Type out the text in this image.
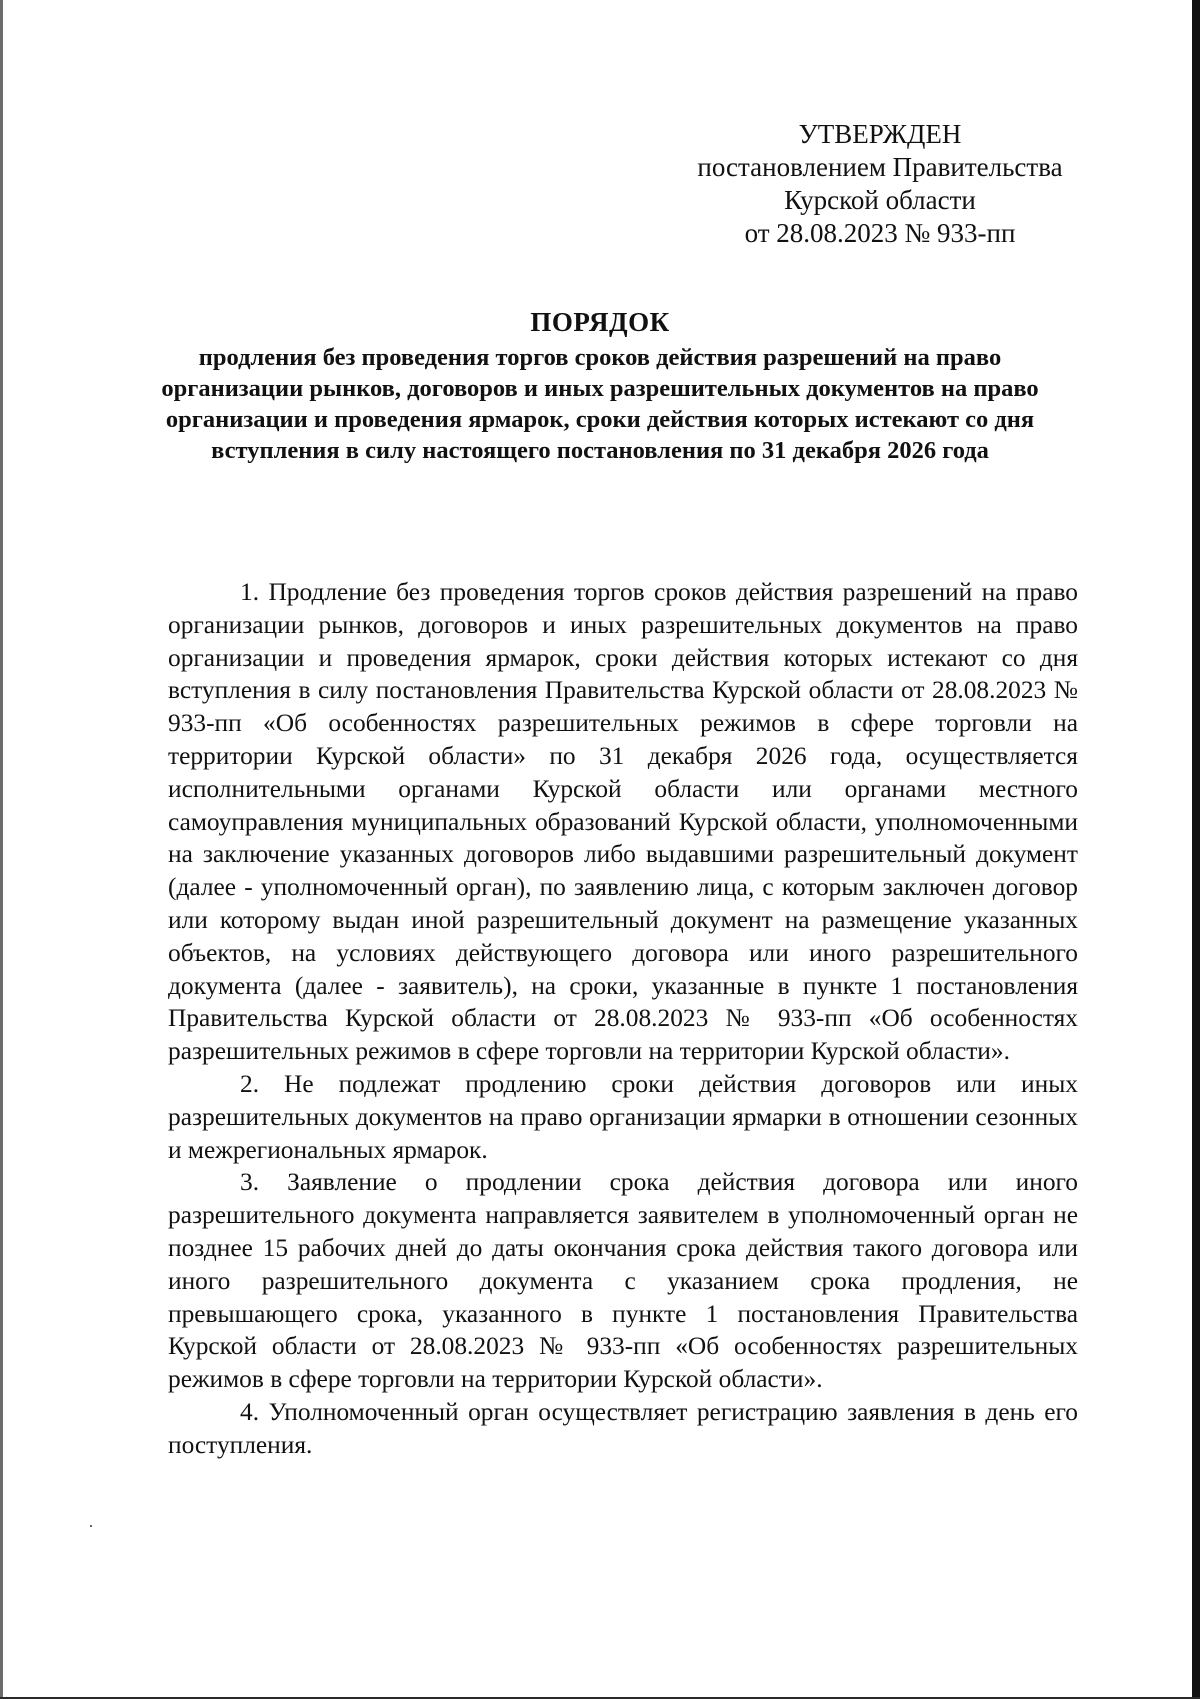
УТВЕРЖДЕН
постановлением Правительства
Курской области
от 28.08.2023 № 933-пп
ПОРЯДОК
продления без проведения торгов сроков действия разрешений на право организации рынков, договоров и иных разрешительных документов на право организации и проведения ярмарок, сроки действия которых истекают со дня вступления в силу настоящего постановления по 31 декабря 2026 года

1. Продление без проведения торгов сроков действия разрешений на право организации рынков, договоров и иных разрешительных документов на право организации и проведения ярмарок, сроки действия которых истекают со дня вступления в силу постановления Правительства Курской области от 28.08.2023 № 933-пп «Об особенностях разрешительных режимов в сфере торговли на территории Курской области» по 31 декабря 2026 года, осуществляется исполнительными органами Курской области или органами местного самоуправления муниципальных образований Курской области, уполномоченными на заключение указанных договоров либо выдавшими разрешительный документ (далее - уполномоченный орган), по заявлению лица, с которым заключен договор или которому выдан иной разрешительный документ на размещение указанных объектов, на условиях действующего договора или иного разрешительного документа (далее - заявитель), на сроки, указанные в пункте 1 постановления Правительства Курской области от 28.08.2023 № 933-пп «Об особенностях разрешительных режимов в сфере торговли на территории Курской области».

2. Не подлежат продлению сроки действия договоров или иных разрешительных документов на право организации ярмарки в отношении сезонных и межрегиональных ярмарок.

3. Заявление о продлении срока действия договора или иного разрешительного документа направляется заявителем в уполномоченный орган не позднее 15 рабочих дней до даты окончания срока действия такого договора или иного разрешительного документа с указанием срока продления, не превышающего срока, указанного в пункте 1 постановления Правительства Курской области от 28.08.2023 № 933-пп «Об особенностях разрешительных режимов в сфере торговли на территории Курской области».

4. Уполномоченный орган осуществляет регистрацию заявления в день его поступления.
